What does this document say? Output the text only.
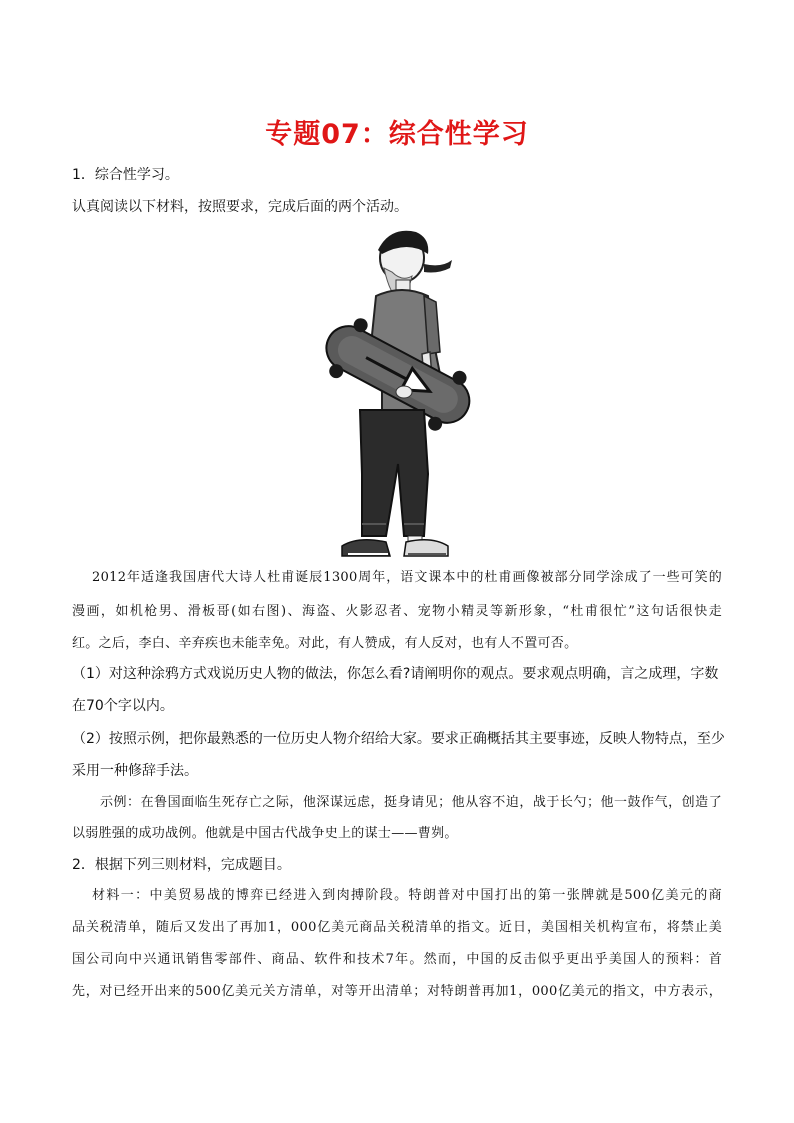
专题07：综合性学习
1．综合性学习。
认真阅读以下材料，按照要求，完成后面的两个活动。
2012年适逢我国唐代大诗人杜甫诞辰1300周年，语文课本中的杜甫画像被部分同学涂成了一些可笑的
漫画，如机枪男、滑板哥(如右图)、海盗、火影忍者、宠物小精灵等新形象，“杜甫很忙”这句话很快走
红。之后，李白、辛弃疾也未能幸免。对此，有人赞成，有人反对，也有人不置可否。
（1）对这种涂鸦方式戏说历史人物的做法，你怎么看?请阐明你的观点。要求观点明确，言之成理，字数
在70个字以内。
（2）按照示例，把你最熟悉的一位历史人物介绍给大家。要求正确概括其主要事迹，反映人物特点，至少
采用一种修辞手法。
示例：在鲁国面临生死存亡之际，他深谋远虑，挺身请见；他从容不迫，战于长勺；他一鼓作气，创造了
以弱胜强的成功战例。他就是中国古代战争史上的谋士——曹刿。
2．根据下列三则材料，完成题目。
材料一：中美贸易战的博弈已经进入到肉搏阶段。特朗普对中国打出的第一张牌就是500亿美元的商
品关税清单，随后又发出了再加1，000亿美元商品关税清单的指文。近日，美国相关机构宣布，将禁止美
国公司向中兴通讯销售零部件、商品、软件和技术7年。然而，中国的反击似乎更出乎美国人的预料：首
先，对已经开出来的500亿美元关方清单，对等开出清单；对特朗普再加1，000亿美元的指文，中方表示，
